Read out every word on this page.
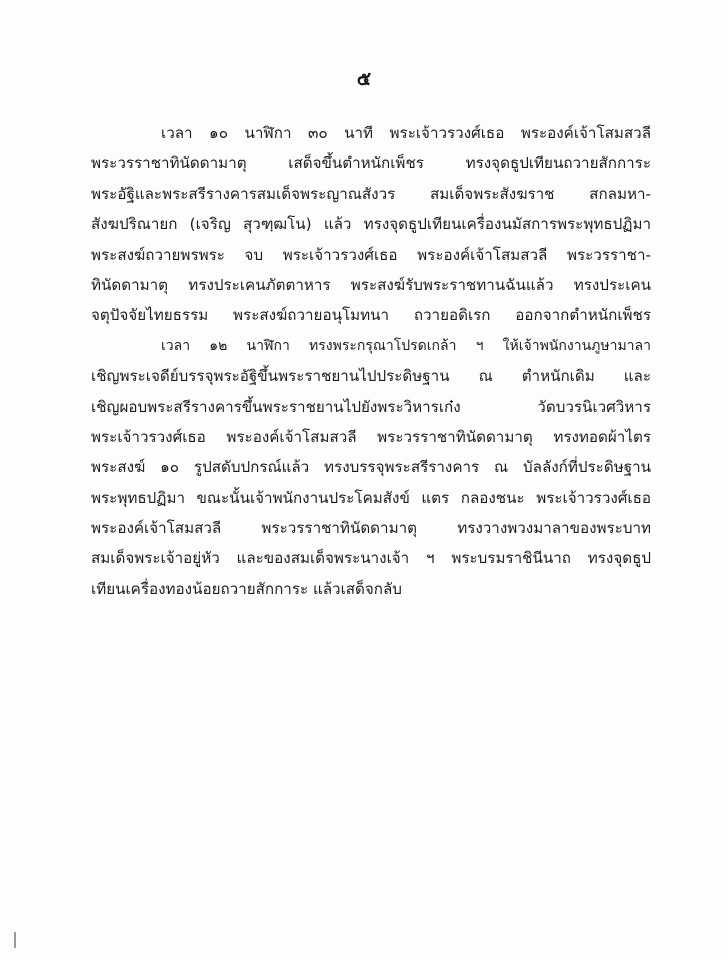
๕
เวลา ๑๐ นาฬิกา ๓๐ นาที พระเจ้าวรวงศ์เธอ พระองค์เจ้าโสมสวลี
พระวรราชาทินัดดามาตุ เสด็จขึ้นตำหนักเพ็ชร ทรงจุดธูปเทียนถวายสักการะ
พระอัฐิและพระสรีรางคารสมเด็จพระญาณสังวร สมเด็จพระสังฆราช สกลมหา-
สังฆปริณายก (เจริญ สุวฑฺฒโน) แล้ว ทรงจุดธูปเทียนเครื่องนมัสการพระพุทธปฏิมา
พระสงฆ์ถวายพรพระ จบ พระเจ้าวรวงศ์เธอ พระองค์เจ้าโสมสวลี พระวรราชา-
ทินัดดามาตุ ทรงประเคนภัตตาหาร พระสงฆ์รับพระราชทานฉันแล้ว ทรงประเคน
จตุปัจจัยไทยธรรม พระสงฆ์ถวายอนุโมทนา ถวายอดิเรก ออกจากตำหนักเพ็ชร
เวลา ๑๒ นาฬิกา ทรงพระกรุณาโปรดเกล้า ฯ ให้เจ้าพนักงานภูษามาลา
เชิญพระเจดีย์บรรจุพระอัฐิขึ้นพระราชยานไปประดิษฐาน ณ ตำหนักเดิม และ
เชิญผอบพระสรีรางคารขึ้นพระราชยานไปยังพระวิหารเก๋ง วัดบวรนิเวศวิหาร
พระเจ้าวรวงศ์เธอ พระองค์เจ้าโสมสวลี พระวรราชาทินัดดามาตุ ทรงทอดผ้าไตร
พระสงฆ์ ๑๐ รูปสดับปกรณ์แล้ว ทรงบรรจุพระสรีรางคาร ณ บัลลังก์ที่ประดิษฐาน
พระพุทธปฏิมา ขณะนั้นเจ้าพนักงานประโคมสังข์ แตร กลองชนะ พระเจ้าวรวงศ์เธอ
พระองค์เจ้าโสมสวลี พระวรราชาทินัดดามาตุ ทรงวางพวงมาลาของพระบาท
สมเด็จพระเจ้าอยู่หัว และของสมเด็จพระนางเจ้า ฯ พระบรมราชินีนาถ ทรงจุดธูป
เทียนเครื่องทองน้อยถวายสักการะ แล้วเสด็จกลับ
